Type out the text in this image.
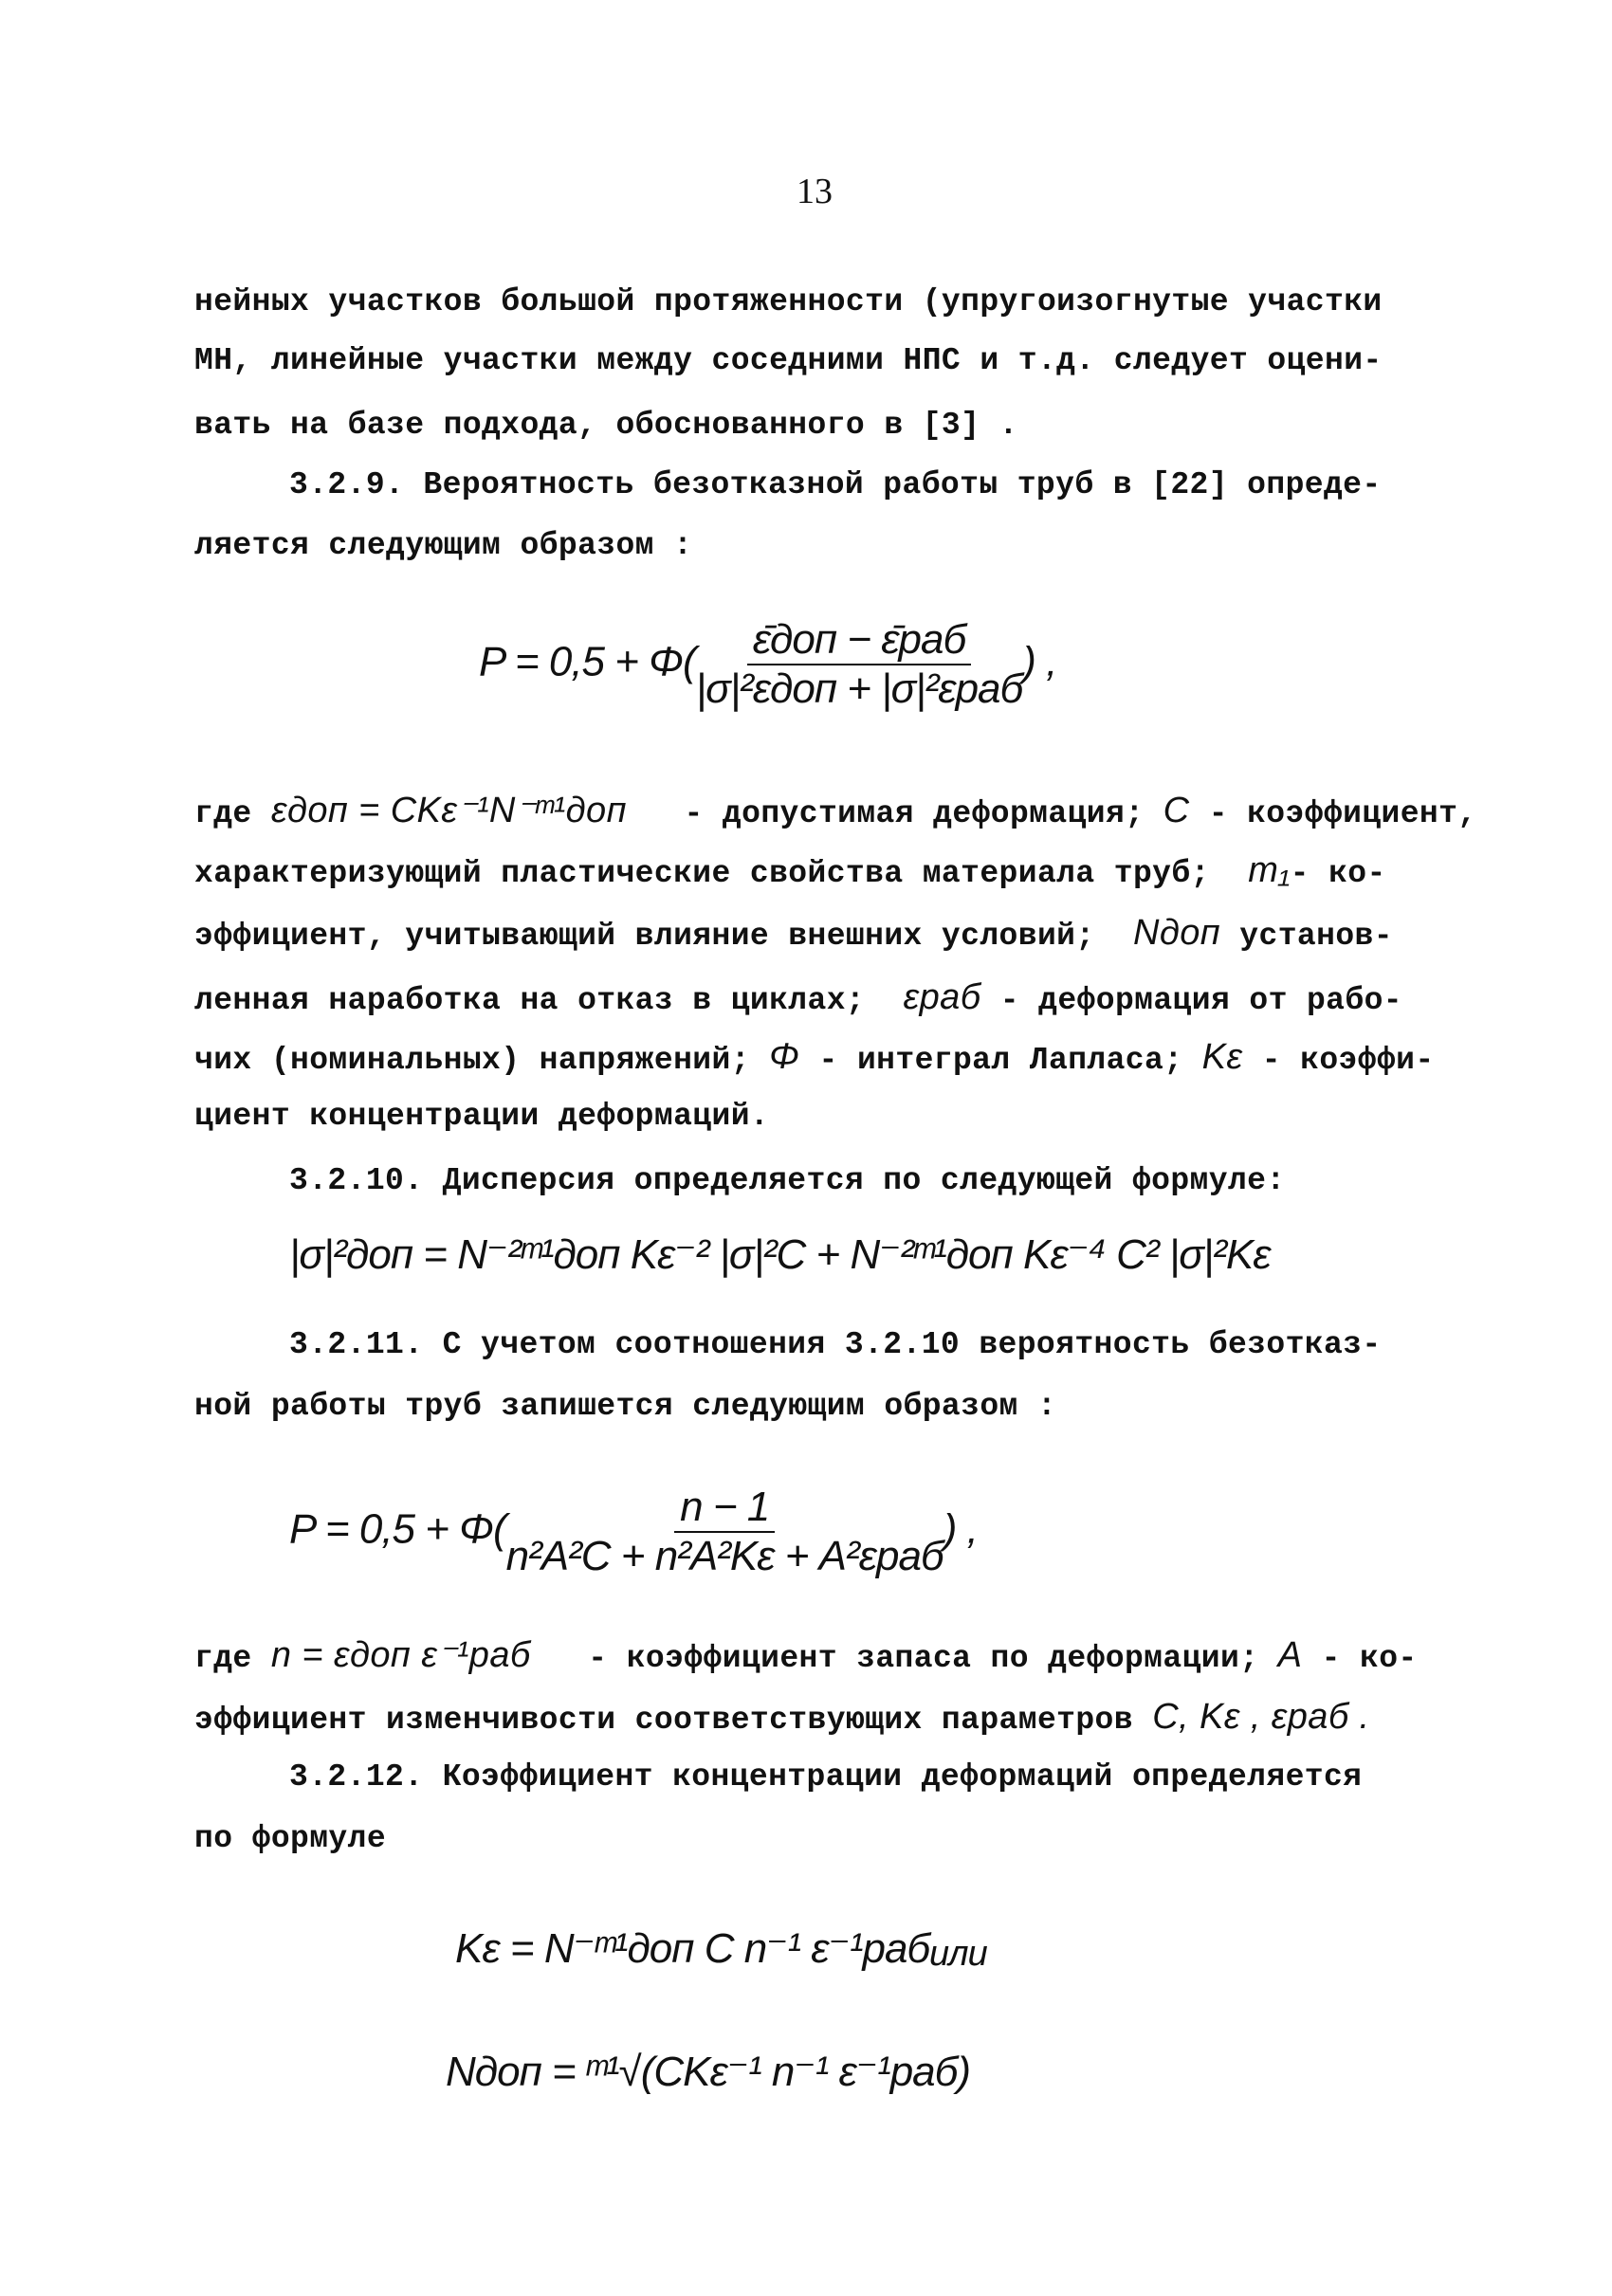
13
нейных участков большой протяженности (упругоизогнутые участки
МН, линейные участки между соседними НПС и т.д. следует оцени-
вать на базе подхода, обоснованного в [3] .
3.2.9. Вероятность безотказной работы труб в [22] опреде-
ляется следующим образом :
$P = 0,5 + \Phi( \frac{\text{ε̄доп − ε̄раб}}{\text{|σ|²εдоп + |σ|²εраб}}$ ) ,
где εдоп = CKε⁻¹N⁻ᵐ¹доп - допустимая деформация; C - коэффициент,
характеризующий пластические свойства материала труб; m₁- ко-
эффициент, учитывающий влияние внешних условий; Nдоп установ-
ленная наработка на отказ в циклах; εраб - деформация от рабо-
чих (номинальных) напряжений; Φ - интеграл Лапласа; Kε - коэффи-
циент концентрации деформаций.
3.2.10. Дисперсия определяется по следующей формуле:
|σ|²доп = N⁻²ᵐ¹доп Kε⁻² |σ|²C + N⁻²ᵐ¹доп Kε⁻⁴ C² |σ|²Kε
3.2.11. С учетом соотношения 3.2.10 вероятность безотказ-
ной работы труб запишется следующим образом :
$P = 0,5 + \Phi( \frac{n - 1}{\text{n²A²C + n²A²Kε + A²εраб}}$ ) ,
где n = εдоп ε⁻¹раб - коэффициент запаса по деформации; A - ко-
эффициент изменчивости соответствующих параметров C, Kε , εраб .
3.2.12. Коэффициент концентрации деформаций определяется
по формуле
Kε = N⁻ᵐ¹доп C n⁻¹ ε⁻¹раб или
Nдоп = ᵐ¹√(CKε⁻¹ n⁻¹ ε⁻¹раб)
